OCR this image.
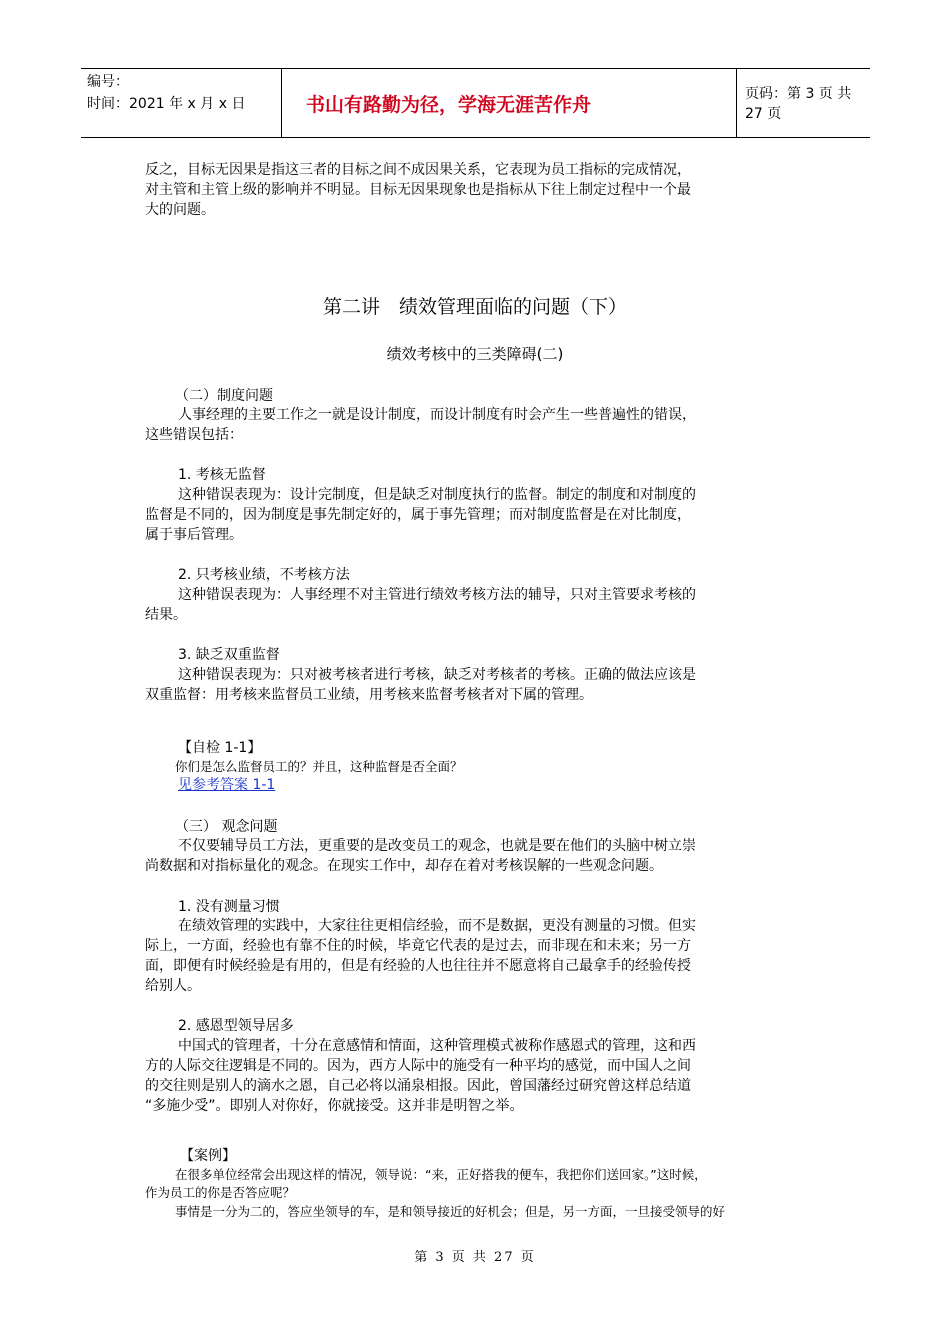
编号：
时间：2021 年 x 月 x 日	书山有路勤为径，学海无涯苦作舟	页码：第 3 页 共 27 页
反之，目标无因果是指这三者的目标之间不成因果关系，它表现为员工指标的完成情况，
对主管和主管上级的影响并不明显。目标无因果现象也是指标从下往上制定过程中一个最
大的问题。
第二讲　绩效管理面临的问题（下）
绩效考核中的三类障碍(二)
（二）制度问题
人事经理的主要工作之一就是设计制度，而设计制度有时会产生一些普遍性的错误，
这些错误包括：
1. 考核无监督
这种错误表现为：设计完制度，但是缺乏对制度执行的监督。制定的制度和对制度的
监督是不同的，因为制度是事先制定好的，属于事先管理；而对制度监督是在对比制度，
属于事后管理。
2. 只考核业绩，不考核方法
这种错误表现为：人事经理不对主管进行绩效考核方法的辅导，只对主管要求考核的
结果。
3. 缺乏双重监督
这种错误表现为：只对被考核者进行考核，缺乏对考核者的考核。正确的做法应该是
双重监督：用考核来监督员工业绩，用考核来监督考核者对下属的管理。
【自检 1-1】
你们是怎么监督员工的？并且，这种监督是否全面？
见参考答案 1-1
（三） 观念问题
不仅要辅导员工方法，更重要的是改变员工的观念，也就是要在他们的头脑中树立崇
尚数据和对指标量化的观念。在现实工作中，却存在着对考核误解的一些观念问题。
1. 没有测量习惯
在绩效管理的实践中，大家往往更相信经验，而不是数据，更没有测量的习惯。但实
际上，一方面，经验也有靠不住的时候，毕竟它代表的是过去，而非现在和未来；另一方
面，即便有时候经验是有用的，但是有经验的人也往往并不愿意将自己最拿手的经验传授
给别人。
2. 感恩型领导居多
中国式的管理者，十分在意感情和情面，这种管理模式被称作感恩式的管理，这和西
方的人际交往逻辑是不同的。因为，西方人际中的施受有一种平均的感觉，而中国人之间
的交往则是别人的滴水之恩，自己必将以涌泉相报。因此，曾国藩经过研究曾这样总结道
“多施少受”。即别人对你好，你就接受。这并非是明智之举。
【案例】
在很多单位经常会出现这样的情况，领导说：“来，正好搭我的便车，我把你们送回家。”这时候，
作为员工的你是否答应呢？
事情是一分为二的，答应坐领导的车，是和领导接近的好机会；但是，另一方面，一旦接受领导的好
第 3 页 共 27 页
